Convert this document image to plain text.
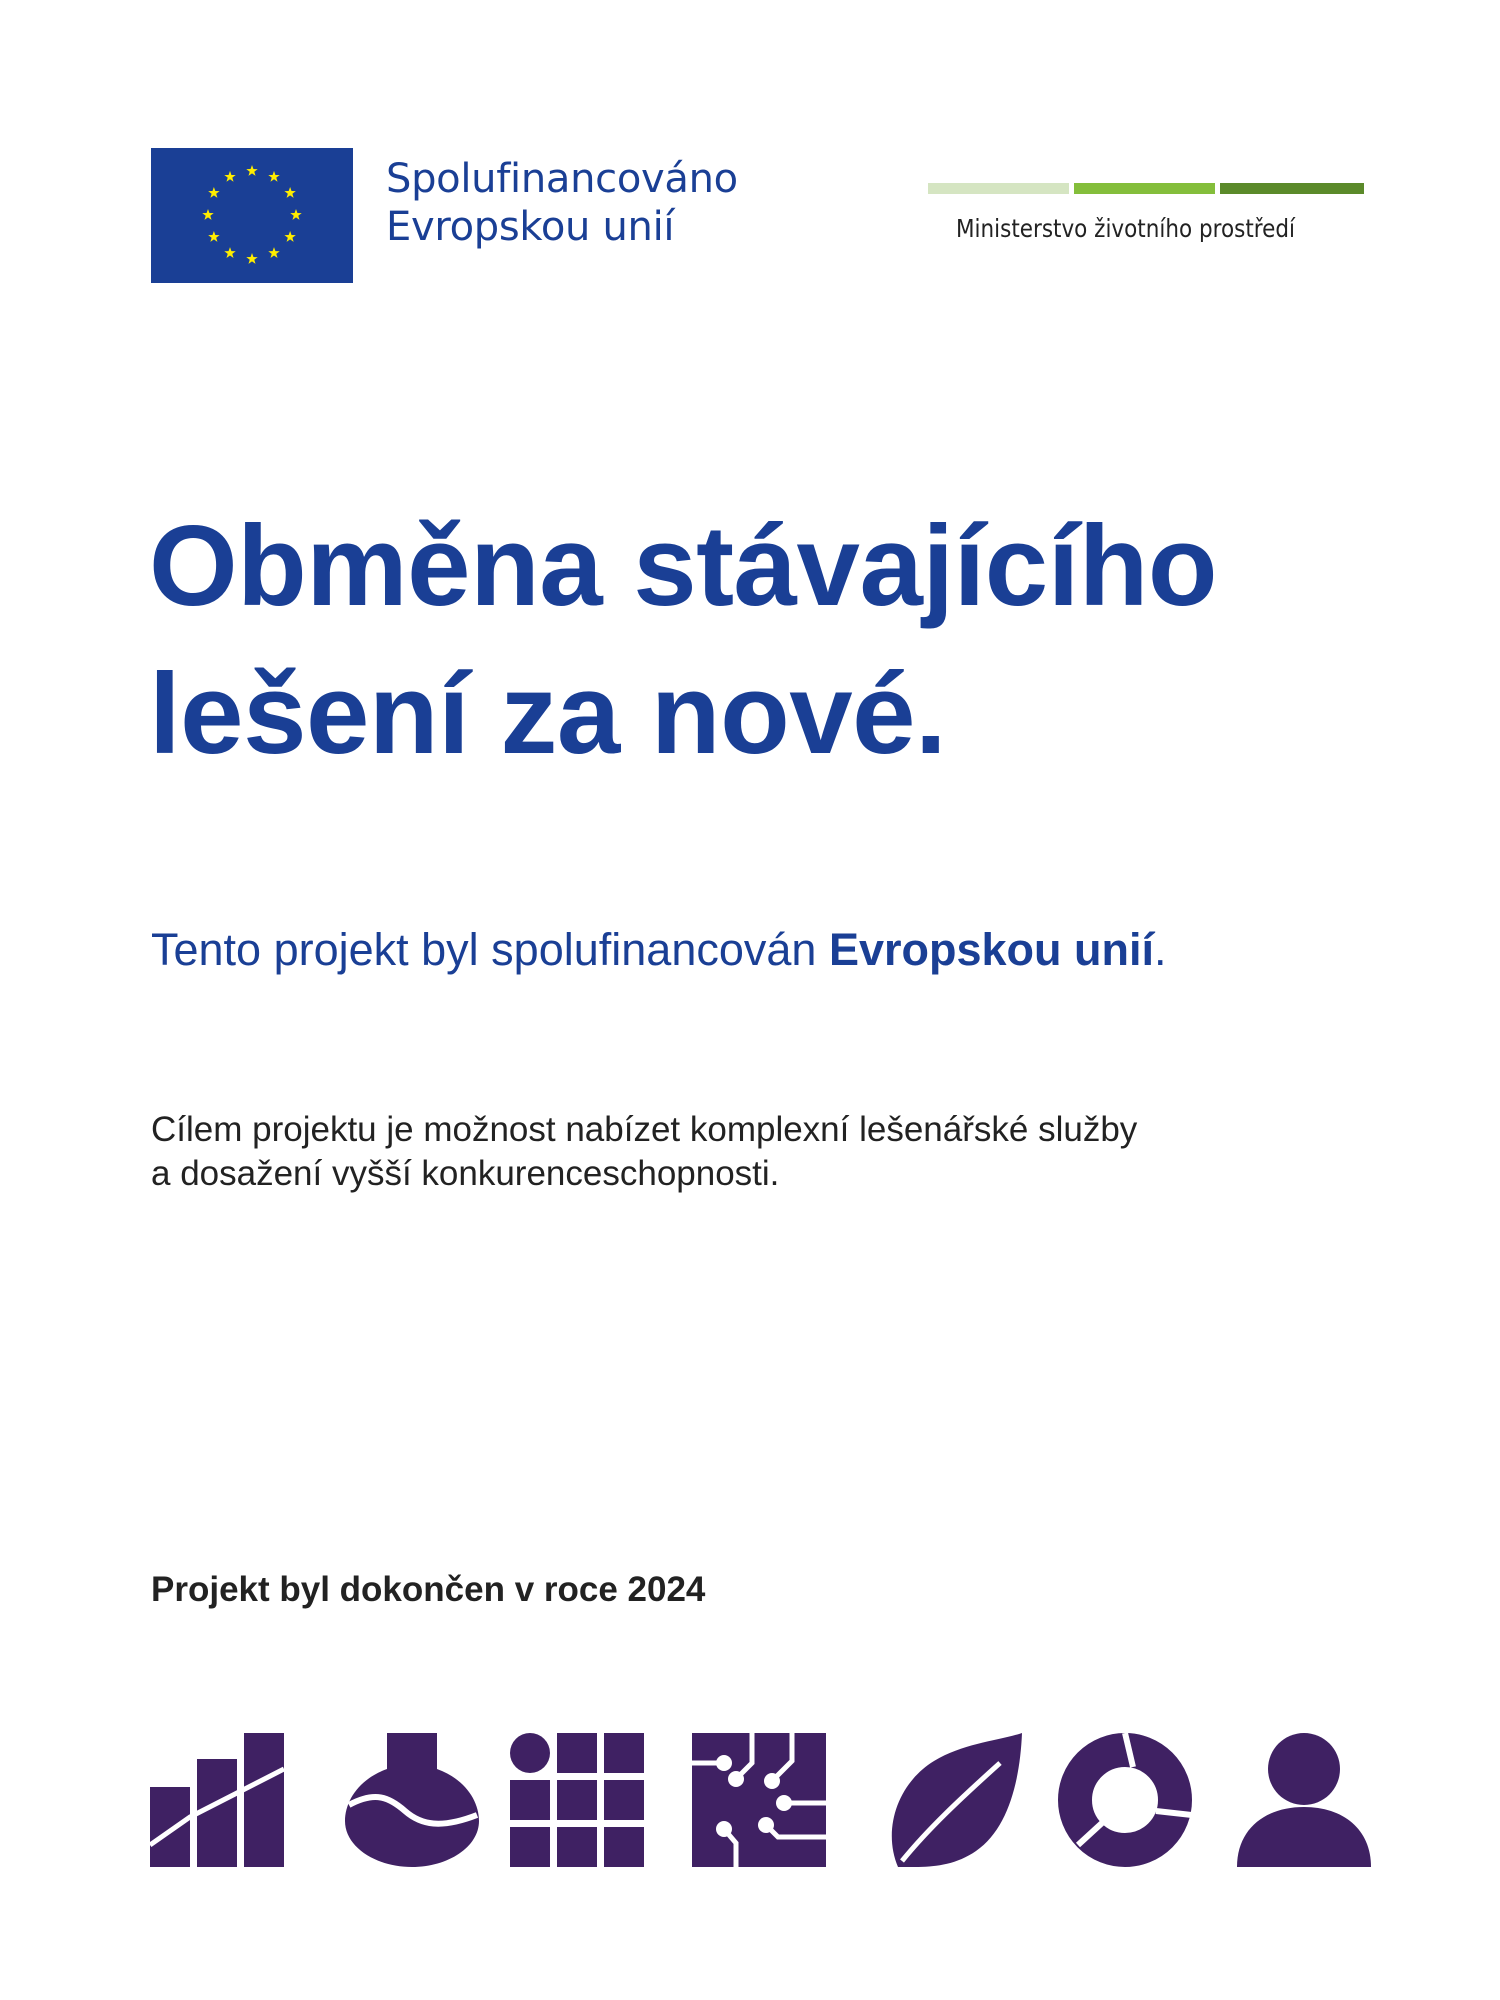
Spolufinancováno
Evropskou unií	Ministerstvo životního prostředí
Obměna stávajícího
lešení za nové.
Tento projekt byl spolufinancován Evropskou unií.
Cílem projektu je možnost nabízet komplexní lešenářské služby
a dosažení vyšší konkurenceschopnosti.
Projekt byl dokončen v roce 2024
